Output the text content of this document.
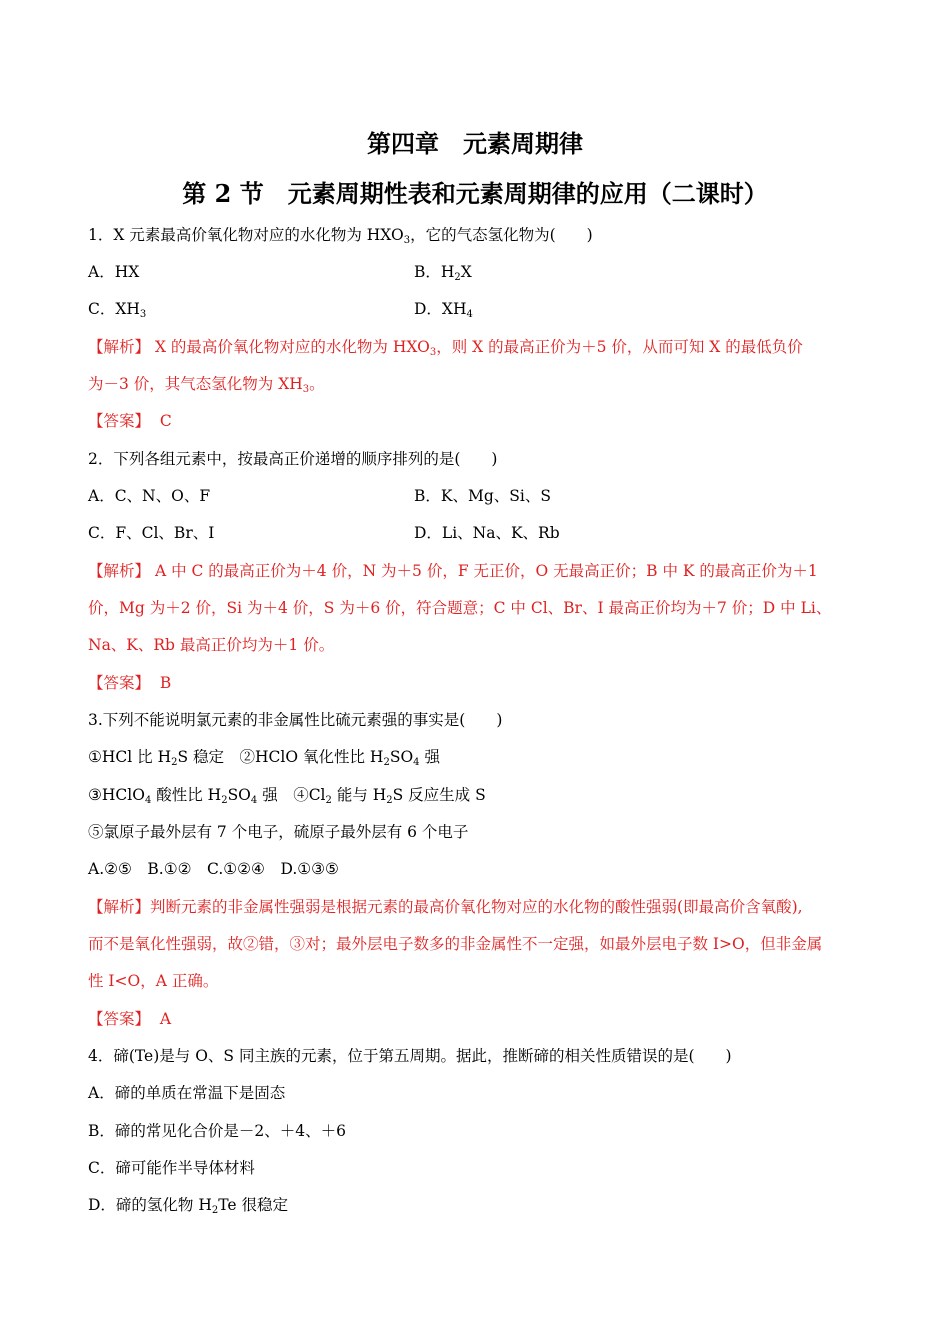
第四章　元素周期律
第 2 节　元素周期性表和元素周期律的应用（二课时）
1．X 元素最高价氧化物对应的水化物为 $HXO_3$，它的气态氢化物为(　　)
A．HX	B．$H_2X$
C．$XH_3$	D．$XH_4$
【解析】 X 的最高价氧化物对应的水化物为 $HXO_3$，则 X 的最高正价为＋5 价，从而可知 X 的最低负价
为－3 价，其气态氢化物为 $XH_3$。
【答案】 C
2．下列各组元素中，按最高正价递增的顺序排列的是(　　)
A．C、N、O、F	B．K、Mg、Si、S
C．F、Cl、Br、I	D．Li、Na、K、Rb
【解析】 A 中 C 的最高正价为＋4 价，N 为＋5 价，F 无正价，O 无最高正价；B 中 K 的最高正价为＋1
价，Mg 为＋2 价，Si 为＋4 价，S 为＋6 价，符合题意；C 中 Cl、Br、I 最高正价均为＋7 价；D 中 Li、
Na、K、Rb 最高正价均为＋1 价。
【答案】 B
3.下列不能说明氯元素的非金属性比硫元素强的事实是(　　)
①HCl 比 $H_2S$ 稳定　②HClO 氧化性比 $H_2SO_4$ 强
③HClO$_4$ 酸性比 $H_2SO_4$ 强　$④Cl_2$ 能与 $H_2S$ 反应生成 S
⑤氯原子最外层有 7 个电子，硫原子最外层有 6 个电子
A.②⑤　B.①②　C.①②④　D.①③⑤
【解析】判断元素的非金属性强弱是根据元素的最高价氧化物对应的水化物的酸性强弱(即最高价含氧酸),
而不是氧化性强弱，故②错，③对；最外层电子数多的非金属性不一定强，如最外层电子数 I>O，但非金属
性 I<O，A 正确。
【答案】 A
4．碲(Te)是与 O、S 同主族的元素，位于第五周期。据此，推断碲的相关性质错误的是(　　)
A．碲的单质在常温下是固态
B．碲的常见化合价是－2、＋4、＋6
C．碲可能作半导体材料
D．碲的氢化物 $H_2Te$ 很稳定
